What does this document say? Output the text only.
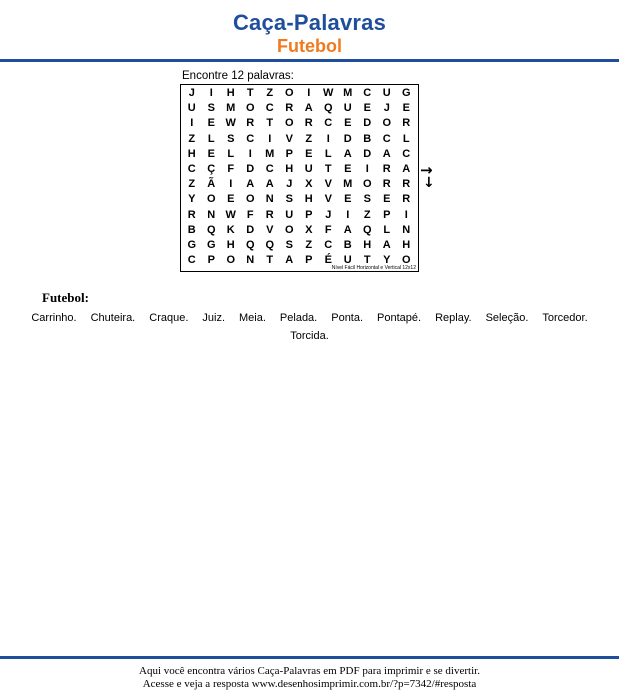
Caça-Palavras
Futebol
Encontre 12 palavras:
J	I	H	T	Z	O	I	W M C	U	G
U	S	M O	C	R	A	Q	U	E	J	E
I	E W R	T	O	R	C	E	D	O	R
Z	L	S	C	I	V	Z	I	D	B	C	L
H	E	L	I	M	P	E	L	A	D	A	C
C	Ç	F	D	C	H	U	T	E	I	R	A
Z	Ã	I	A	A	J	X	V	M O	R	R
Y	O	E	O	N	S	H	V	E	S	E	R
R	N W F	R	U	P	J	I	Z	P	I
B	Q	K	D	V	O	X	F	A	Q	L	N
G G	H	Q Q	S	Z	C	B	H	A	H
C	P	O	N	T	A	P	É	U	T	Y	O
Nível Fácil Horizontal e Vertical 12x12
→
↓
Futebol:
Carrinho. Chuteira. Craque. Juiz. Meia. Pelada. Ponta. Pontapé. Replay. Seleção. Torcedor.Torcida.
Aqui você encontra vários Caça-Palavras em PDF para imprimir e se divertir.
Acesse e veja a resposta www.desenhosimprimir.com.br/?p=7342/#resposta
